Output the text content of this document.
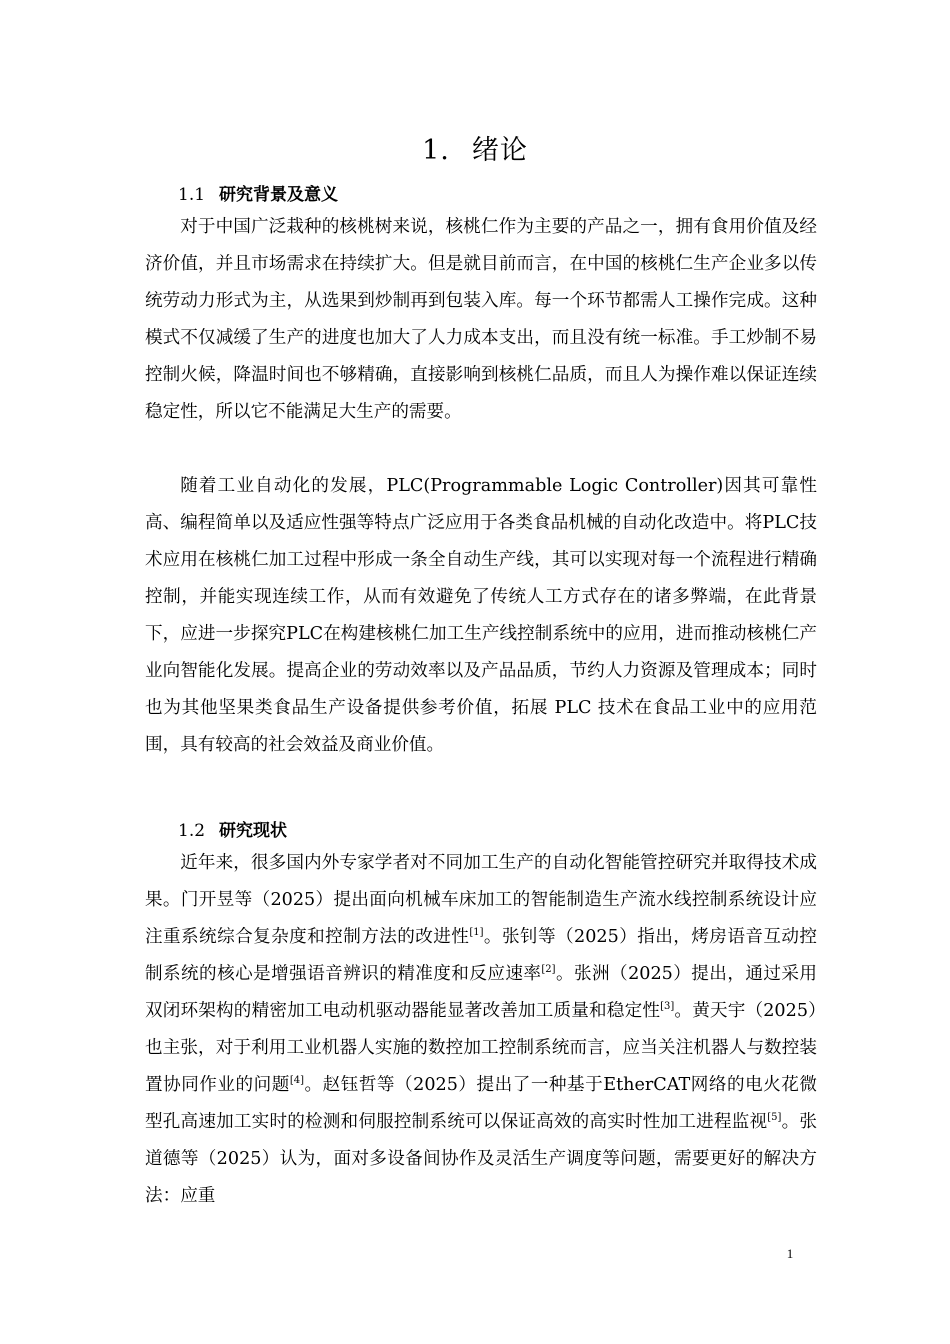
1. 绪论
1.1 研究背景及意义

对于中国广泛栽种的核桃树来说，核桃仁作为主要的产品之一，拥有食用价值及经济价值，并且市场需求在持续扩大。但是就目前而言，在中国的核桃仁生产企业多以传统劳动力形式为主，从选果到炒制再到包装入库。每一个环节都需人工操作完成。这种模式不仅减缓了生产的进度也加大了人力成本支出，而且没有统一标准。手工炒制不易控制火候，降温时间也不够精确，直接影响到核桃仁品质，而且人为操作难以保证连续稳定性，所以它不能满足大生产的需要。

随着工业自动化的发展，PLC(Programmable Logic Controller)因其可靠性高、编程简单以及适应性强等特点广泛应用于各类食品机械的自动化改造中。将PLC技术应用在核桃仁加工过程中形成一条全自动生产线，其可以实现对每一个流程进行精确控制，并能实现连续工作，从而有效避免了传统人工方式存在的诸多弊端，在此背景下，应进一步探究PLC在构建核桃仁加工生产线控制系统中的应用，进而推动核桃仁产业向智能化发展。提高企业的劳动效率以及产品品质，节约人力资源及管理成本；同时也为其他坚果类食品生产设备提供参考价值，拓展 PLC 技术在食品工业中的应用范围，具有较高的社会效益及商业价值。

1.2 研究现状

近年来，很多国内外专家学者对不同加工生产的自动化智能管控研究并取得技术成果。门开昱等（2025）提出面向机械车床加工的智能制造生产流水线控制系统设计应注重系统综合复杂度和控制方法的改进性[1]。张钊等（2025）指出，烤房语音互动控制系统的核心是增强语音辨识的精准度和反应速率[2]。张洲（2025）提出，通过采用双闭环架构的精密加工电动机驱动器能显著改善加工质量和稳定性[3]。黄天宇（2025）也主张，对于利用工业机器人实施的数控加工控制系统而言，应当关注机器人与数控装置协同作业的问题[4]。赵钰哲等（2025）提出了一种基于EtherCAT网络的电火花微型孔高速加工实时的检测和伺服控制系统可以保证高效的高实时性加工进程监视[5]。张道德等（2025）认为，面对多设备间协作及灵活生产调度等问题，需要更好的解决方法：应重

1
